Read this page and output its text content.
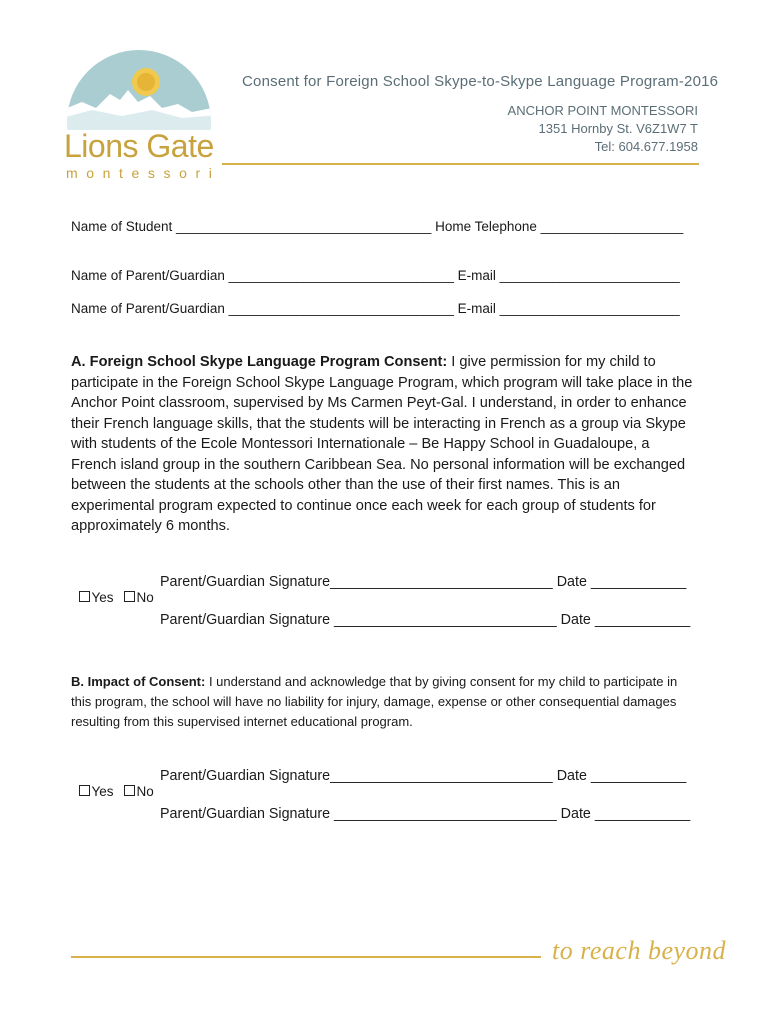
Lions Gate
montessori
Consent for Foreign School Skype-to-Skype Language Program-2016
ANCHOR POINT MONTESSORI
1351 Hornby St. V6Z1W7 T
Tel: 604.677.1958
Name of Student __________________________________ Home Telephone ___________________
Name of Parent/Guardian ______________________________ E-mail ________________________
Name of Parent/Guardian ______________________________ E-mail ________________________
A. Foreign School Skype Language Program Consent: I give permission for my child to participate in the Foreign School Skype Language Program, which program will take place in the Anchor Point classroom, supervised by Ms Carmen Peyt-Gal. I understand, in order to enhance their French language skills, that the students will be interacting in French as a group via Skype with students of the Ecole Montessori Internationale – Be Happy School in Guadaloupe, a French island group in the southern Caribbean Sea. No personal information will be exchanged between the students at the schools other than the use of their first names. This is an experimental program expected to continue once each week for each group of students for approximately 6 months.

Yes	No

Parent/Guardian Signature____________________________ Date ____________
Parent/Guardian Signature ____________________________ Date ____________
B. Impact of Consent: I understand and acknowledge that by giving consent for my child to participate in this program, the school will have no liability for injury, damage, expense or other consequential damages resulting from this supervised internet educational program.

Yes	No

Parent/Guardian Signature____________________________ Date ____________
Parent/Guardian Signature ____________________________ Date ____________
to reach beyond
